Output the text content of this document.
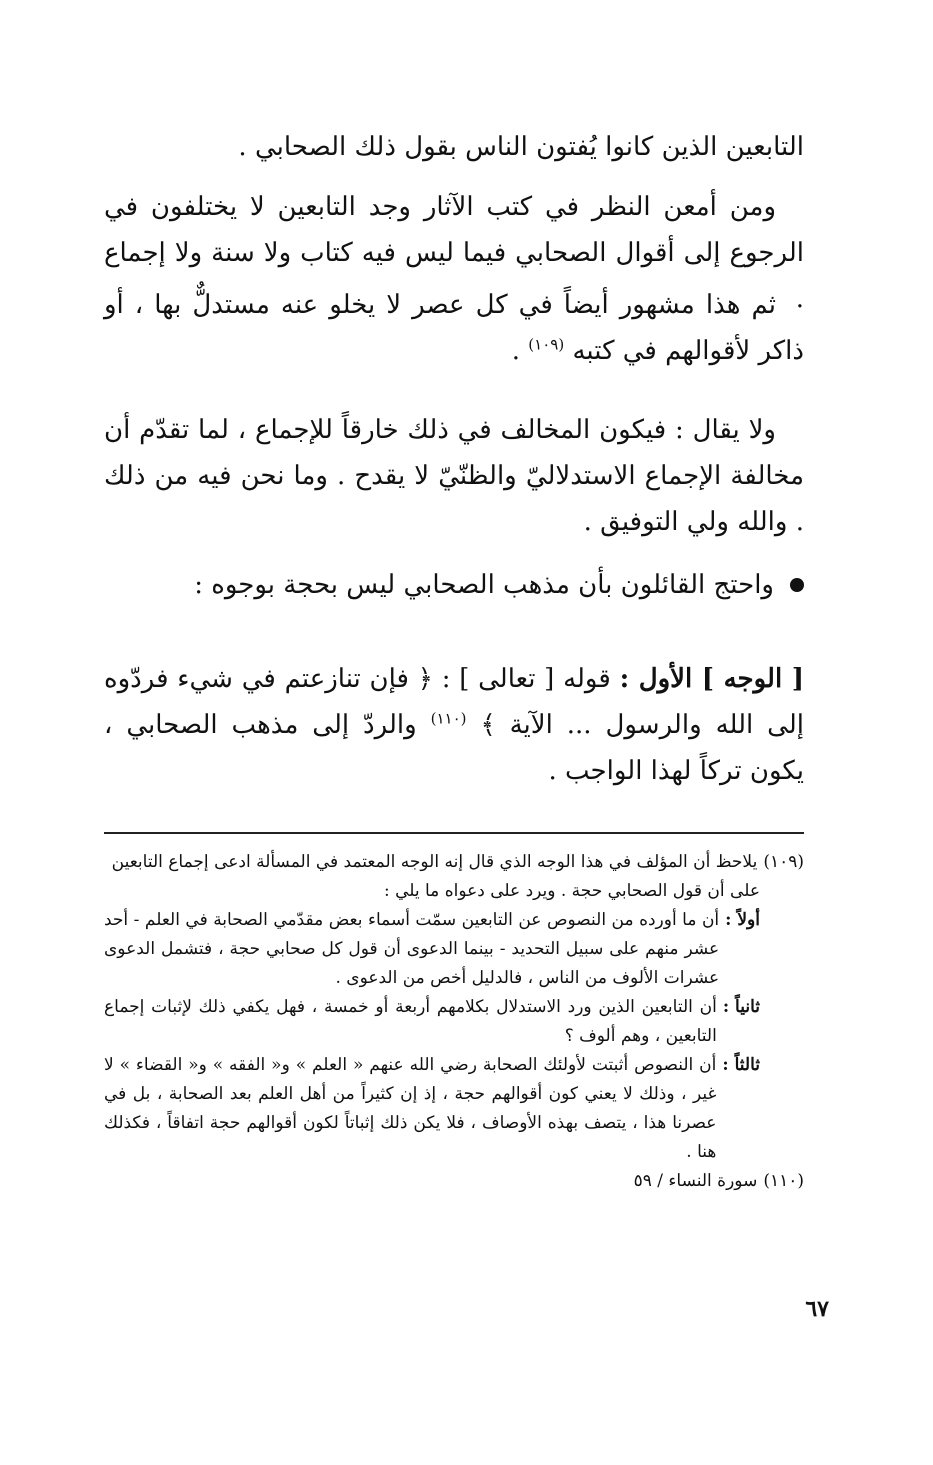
التابعين الذين كانوا يُفتون الناس بقول ذلك الصحابي .

ومن أمعن النظر في كتب الآثار وجد التابعين لا يختلفون في الرجوع إلى أقوال الصحابي فيما ليس فيه كتاب ولا سنة ولا إجماع .

ثم هذا مشهور أيضاً في كل عصر لا يخلو عنه مستدلٌّ بها ، أو ذاكر لأقوالهم في كتبه $^{(١٠٩)}$ .

ولا يقال : فيكون المخالف في ذلك خارقاً للإجماع ، لما تقدّم أن مخالفة الإجماع الاستدلاليّ والظنّيّ لا يقدح . وما نحن فيه من ذلك . والله ولي التوفيق .

واحتج القائلون بأن مذهب الصحابي ليس بحجة بوجوه :

[ الوجه ] الأول : قوله [ تعالى ] : ﴿ فإن تنازعتم في شيء فردّوه إلى الله والرسول ... الآية ﴾ $^{(١١٠)}$ والردّ إلى مذهب الصحابي ، يكون تركاً لهذا الواجب .

(١٠٩)
يلاحظ أن المؤلف في هذا الوجه الذي قال إنه الوجه المعتمد في المسألة ادعى إجماع التابعين
على أن قول الصحابي حجة . ويرد على دعواه ما يلي :
أولاً :
أن ما أورده من النصوص عن التابعين سمّت أسماء بعض مقدّمي الصحابة في العلم - أحد عشر منهم على سبيل التحديد - بينما الدعوى أن قول كل صحابي حجة ، فتشمل الدعوى عشرات الألوف من الناس ، فالدليل أخص من الدعوى .
ثانياً :
أن التابعين الذين ورد الاستدلال بكلامهم أربعة أو خمسة ، فهل يكفي ذلك لإثبات إجماع التابعين ، وهم ألوف ؟
ثالثاً :
أن النصوص أثبتت لأولئك الصحابة رضي الله عنهم « العلم » و« الفقه » و« القضاء » لا غير ، وذلك لا يعني كون أقوالهم حجة ، إذ إن كثيراً من أهل العلم بعد الصحابة ، بل في عصرنا هذا ، يتصف بهذه الأوصاف ، فلا يكن ذلك إثباتاً لكون أقوالهم حجة اتفاقاً ، فكذلك هنا .
(١١٠)
سورة النساء / ٥٩
٦٧
